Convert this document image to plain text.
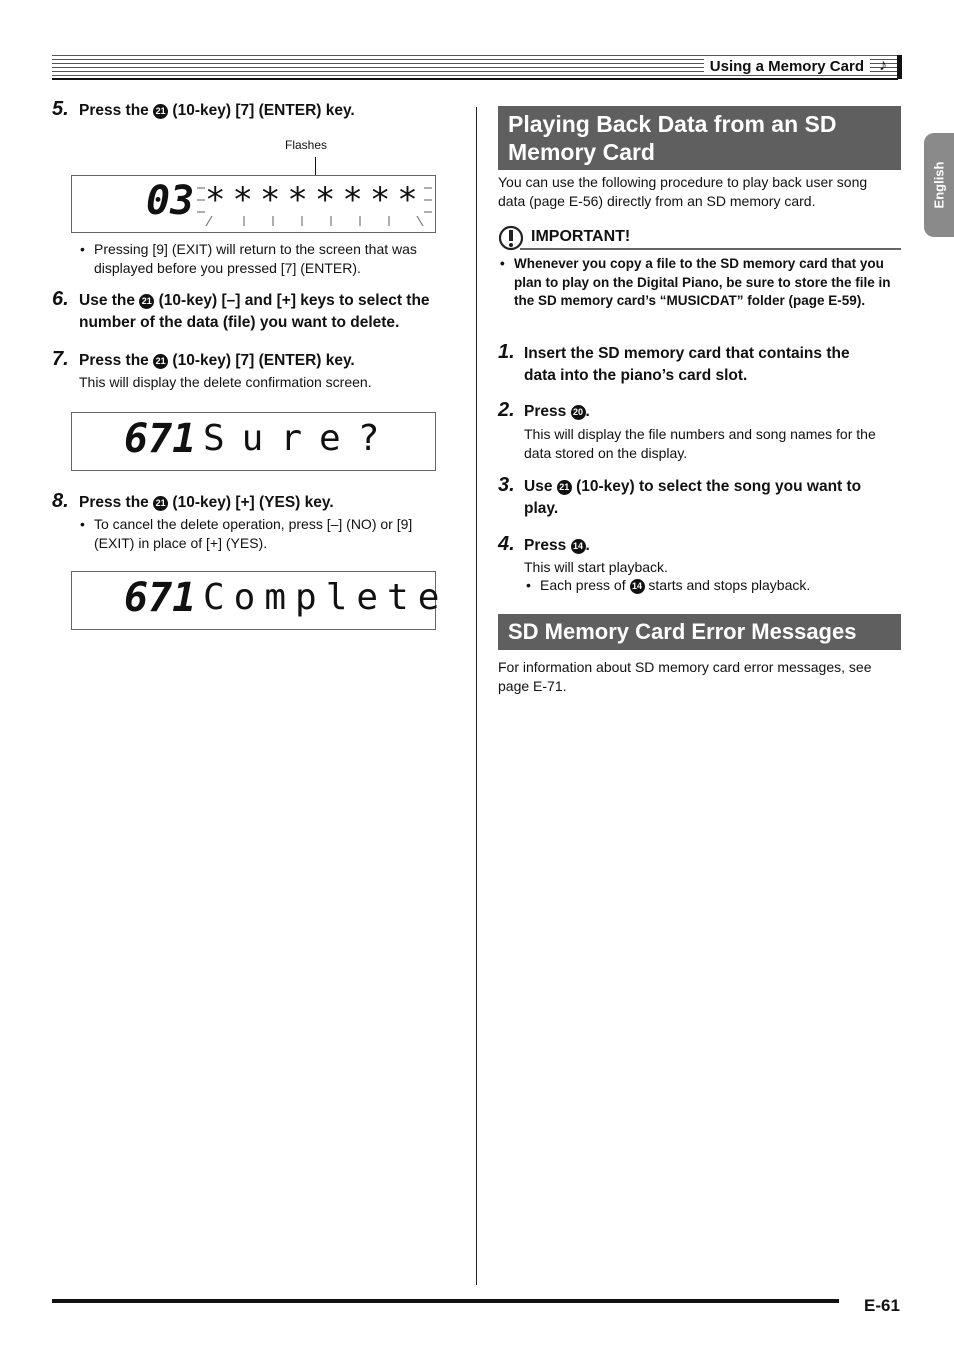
Using a Memory Card ♪
English
5. Press the 21 (10-key) [7] (ENTER) key.
Flashes
03 ********
• Pressing [9] (EXIT) will return to the screen that was displayed before you pressed [7] (ENTER).
6. Use the 21 (10-key) [–] and [+] keys to select the
number of the data (file) you want to delete.
7. Press the 21 (10-key) [7] (ENTER) key.
This will display the delete confirmation screen.
671 Sure?
8. Press the 21 (10-key) [+] (YES) key.
• To cancel the delete operation, press [–] (NO) or [9] (EXIT) in place of [+] (YES).
671 Complete
Playing Back Data from an SD
Memory Card
You can use the following procedure to play back user song data (page E-56) directly from an SD memory card.
IMPORTANT!
• Whenever you copy a file to the SD memory card that you plan to play on the Digital Piano, be sure to store the file in the SD memory card’s “MUSICDAT” folder (page E-59).
1. Insert the SD memory card that contains the
data into the piano’s card slot.
2. Press 20 .
This will display the file numbers and song names for the data stored on the display.
3. Use 21 (10-key) to select the song you want to
play.
4. Press 14 .
This will start playback.
• Each press of 14 starts and stops playback.
SD Memory Card Error Messages
For information about SD memory card error messages, see page E-71.
E-61
